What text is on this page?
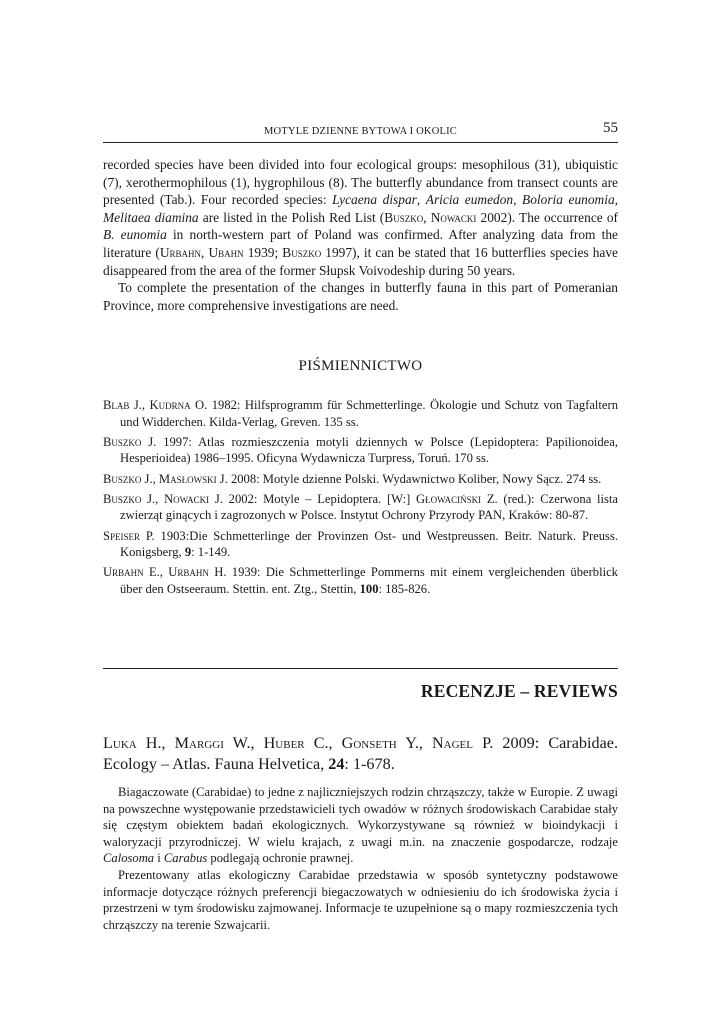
MOTYLE DZIENNE BYTOWA I OKOLIC	55

recorded species have been divided into four ecological groups: mesophilous (31), ubiquistic (7), xerothermophilous (1), hygrophilous (8). The butterfly abundance from transect counts are presented (Tab.). Four recorded species: Lycaena dispar, Aricia eumedon, Boloria eunomia, Melitaea diamina are listed in the Polish Red List (Buszko, Nowacki 2002). The occurrence of B. eunomia in north-western part of Poland was confirmed. After analyzing data from the literature (Urbahn, Ubahn 1939; Buszko 1997), it can be stated that 16 butterflies species have disappeared from the area of the former Słupsk Voivodeship during 50 years.

To complete the presentation of the changes in butterfly fauna in this part of Pomeranian Province, more comprehensive investigations are need.

PIŚMIENNICTWO
Blab J., Kudrna O. 1982: Hilfsprogramm für Schmetterlinge. Ökologie und Schutz von Tagfaltern und Widderchen. Kilda-Verlag, Greven. 135 ss.
Buszko J. 1997: Atlas rozmieszczenia motyli dziennych w Polsce (Lepidoptera: Papilionoidea, Hesperioidea) 1986–1995. Oficyna Wydawnicza Turpress, Toruń. 170 ss.
Buszko J., Masłowski J. 2008: Motyle dzienne Polski. Wydawnictwo Koliber, Nowy Sącz. 274 ss.
Buszko J., Nowacki J. 2002: Motyle – Lepidoptera. [W:] Głowaciński Z. (red.): Czerwona lista zwierząt ginących i zagrozonych w Polsce. Instytut Ochrony Przyrody PAN, Kraków: 80-87.
Speiser P. 1903:Die Schmetterlinge der Provinzen Ost- und Westpreussen. Beitr. Naturk. Preuss. Konigsberg, 9: 1-149.
Urbahn E., Urbahn H. 1939: Die Schmetterlinge Pommerns mit einem vergleichenden überblick über den Ostseeraum. Stettin. ent. Ztg., Stettin, 100: 185-826.
RECENZJE – REVIEWS
Luka H., Marggi W., Huber C., Gonseth Y., Nagel P. 2009: Carabidae. Ecology – Atlas. Fauna Helvetica, 24: 1-678.

Biagaczowate (Carabidae) to jedne z najliczniejszych rodzin chrząszczy, także w Europie. Z uwagi na powszechne występowanie przedstawicieli tych owadów w różnych środowiskach Carabidae stały się częstym obiektem badań ekologicznych. Wykorzystywane są również w bioindykacji i waloryzacji przyrodniczej. W wielu krajach, z uwagi m.in. na znaczenie gospodarcze, rodzaje Calosoma i Carabus podlegają ochronie prawnej.

Prezentowany atlas ekologiczny Carabidae przedstawia w sposób syntetyczny podstawowe informacje dotyczące różnych preferencji biegaczowatych w odniesieniu do ich środowiska życia i przestrzeni w tym środowisku zajmowanej. Informacje te uzupełnione są o mapy rozmieszczenia tych chrząszczy na terenie Szwajcarii.
